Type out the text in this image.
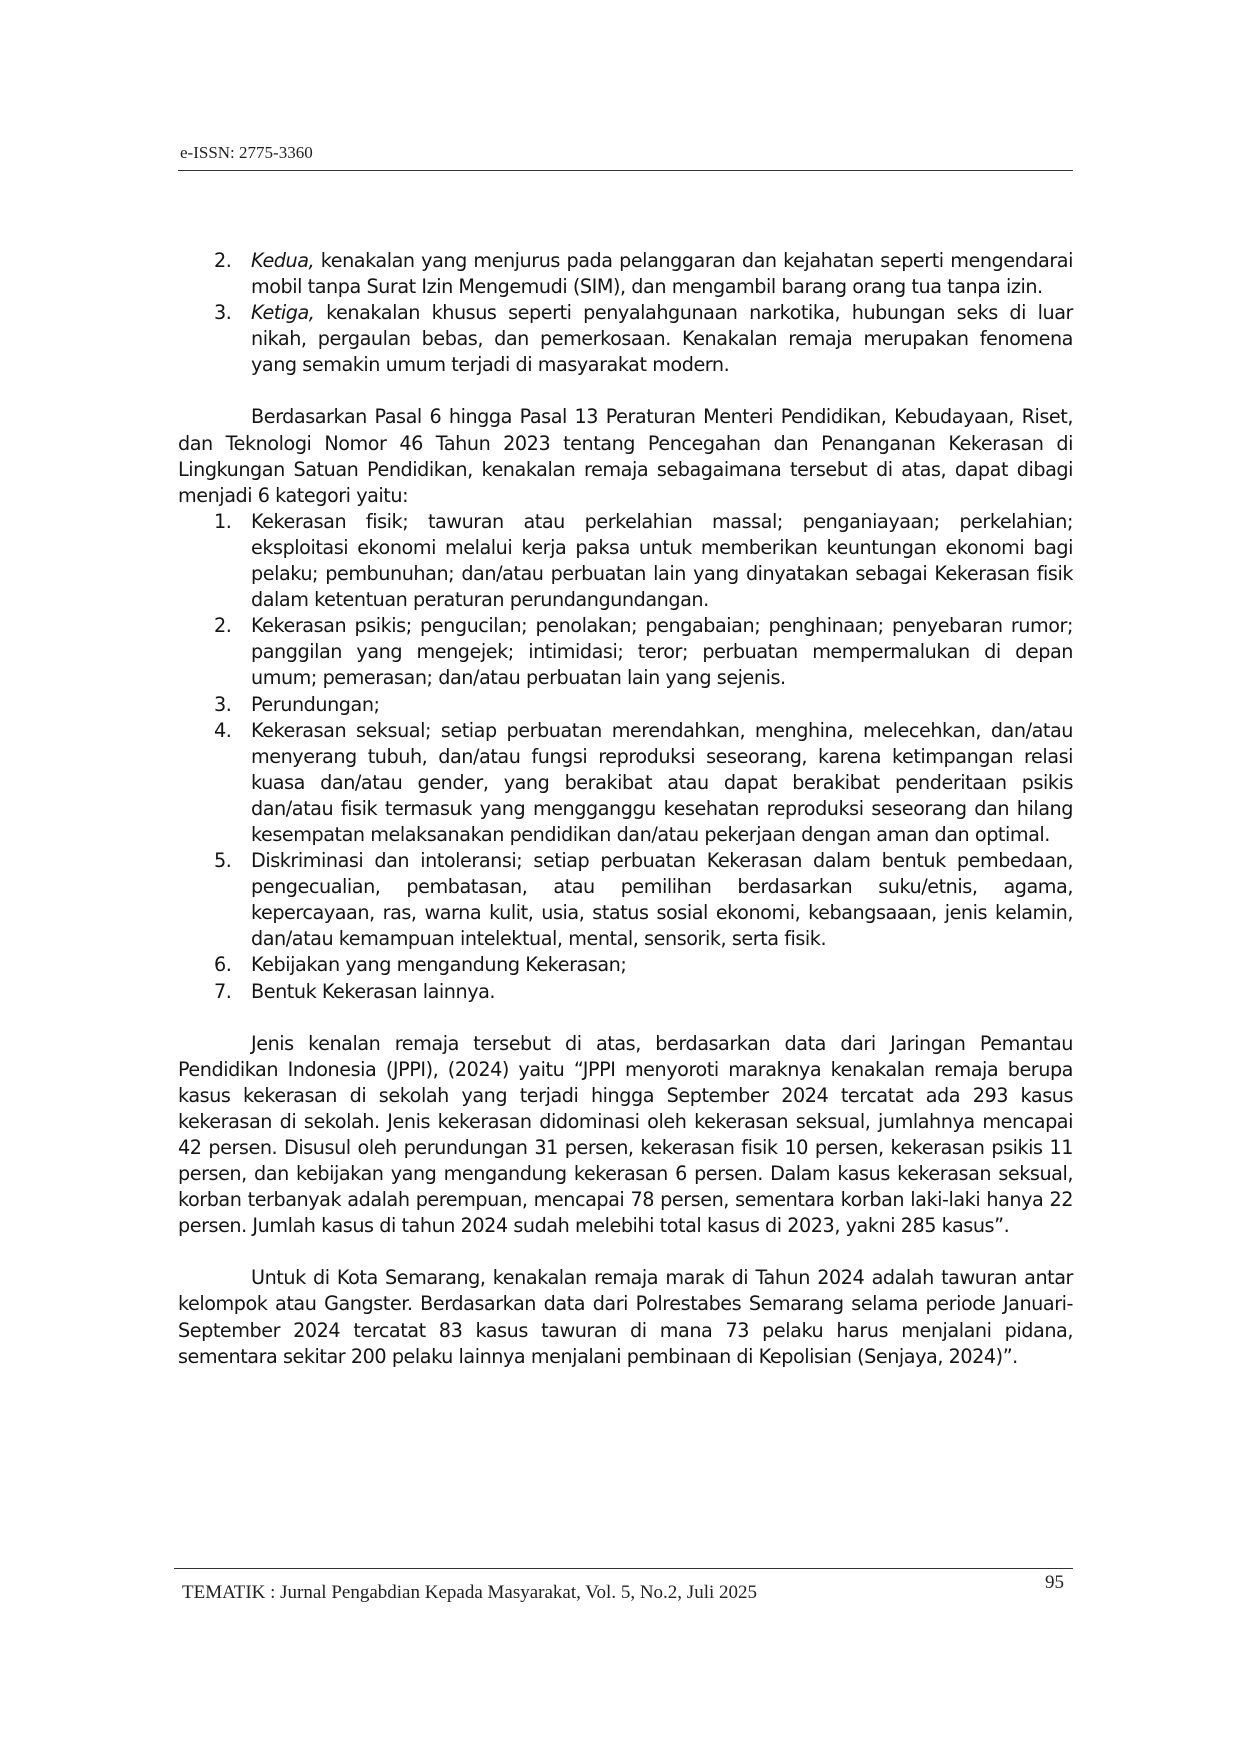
e-ISSN: 2775-3360
2. Kedua, kenakalan yang menjurus pada pelanggaran dan kejahatan seperti mengendarai mobil tanpa Surat Izin Mengemudi (SIM), dan mengambil barang orang tua tanpa izin.
3. Ketiga, kenakalan khusus seperti penyalahgunaan narkotika, hubungan seks di luar nikah, pergaulan bebas, dan pemerkosaan. Kenakalan remaja merupakan fenomena yang semakin umum terjadi di masyarakat modern.

Berdasarkan Pasal 6 hingga Pasal 13 Peraturan Menteri Pendidikan, Kebudayaan, Riset, dan Teknologi Nomor 46 Tahun 2023 tentang Pencegahan dan Penanganan Kekerasan di Lingkungan Satuan Pendidikan, kenakalan remaja sebagaimana tersebut di atas, dapat dibagi menjadi 6 kategori yaitu:

1. Kekerasan fisik; tawuran atau perkelahian massal; penganiayaan; perkelahian; eksploitasi ekonomi melalui kerja paksa untuk memberikan keuntungan ekonomi bagi pelaku; pembunuhan; dan/atau perbuatan lain yang dinyatakan sebagai Kekerasan fisik dalam ketentuan peraturan perundangundangan.
2. Kekerasan psikis; pengucilan; penolakan; pengabaian; penghinaan; penyebaran rumor; panggilan yang mengejek; intimidasi; teror; perbuatan mempermalukan di depan umum; pemerasan; dan/atau perbuatan lain yang sejenis.
3. Perundungan;
4. Kekerasan seksual; setiap perbuatan merendahkan, menghina, melecehkan, dan/atau menyerang tubuh, dan/atau fungsi reproduksi seseorang, karena ketimpangan relasi kuasa dan/atau gender, yang berakibat atau dapat berakibat penderitaan psikis dan/atau fisik termasuk yang mengganggu kesehatan reproduksi seseorang dan hilang kesempatan melaksanakan pendidikan dan/atau pekerjaan dengan aman dan optimal.
5. Diskriminasi dan intoleransi; setiap perbuatan Kekerasan dalam bentuk pembedaan, pengecualian, pembatasan, atau pemilihan berdasarkan suku/etnis, agama, kepercayaan, ras, warna kulit, usia, status sosial ekonomi, kebangsaaan, jenis kelamin, dan/atau kemampuan intelektual, mental, sensorik, serta fisik.
6. Kebijakan yang mengandung Kekerasan;
7. Bentuk Kekerasan lainnya.

Jenis kenalan remaja tersebut di atas, berdasarkan data dari Jaringan Pemantau Pendidikan Indonesia (JPPI), (2024) yaitu “JPPI menyoroti maraknya kenakalan remaja berupa kasus kekerasan di sekolah yang terjadi hingga September 2024 tercatat ada 293 kasus kekerasan di sekolah. Jenis kekerasan didominasi oleh kekerasan seksual, jumlahnya mencapai 42 persen. Disusul oleh perundungan 31 persen, kekerasan fisik 10 persen, kekerasan psikis 11 persen, dan kebijakan yang mengandung kekerasan 6 persen. Dalam kasus kekerasan seksual, korban terbanyak adalah perempuan, mencapai 78 persen, sementara korban laki-laki hanya 22 persen. Jumlah kasus di tahun 2024 sudah melebihi total kasus di 2023, yakni 285 kasus”.

Untuk di Kota Semarang, kenakalan remaja marak di Tahun 2024 adalah tawuran antar kelompok atau Gangster. Berdasarkan data dari Polrestabes Semarang selama periode Januari-September 2024 tercatat 83 kasus tawuran di mana 73 pelaku harus menjalani pidana, sementara sekitar 200 pelaku lainnya menjalani pembinaan di Kepolisian (Senjaya, 2024)”.

95
TEMATIK : Jurnal Pengabdian Kepada Masyarakat, Vol. 5, No.2, Juli 2025
